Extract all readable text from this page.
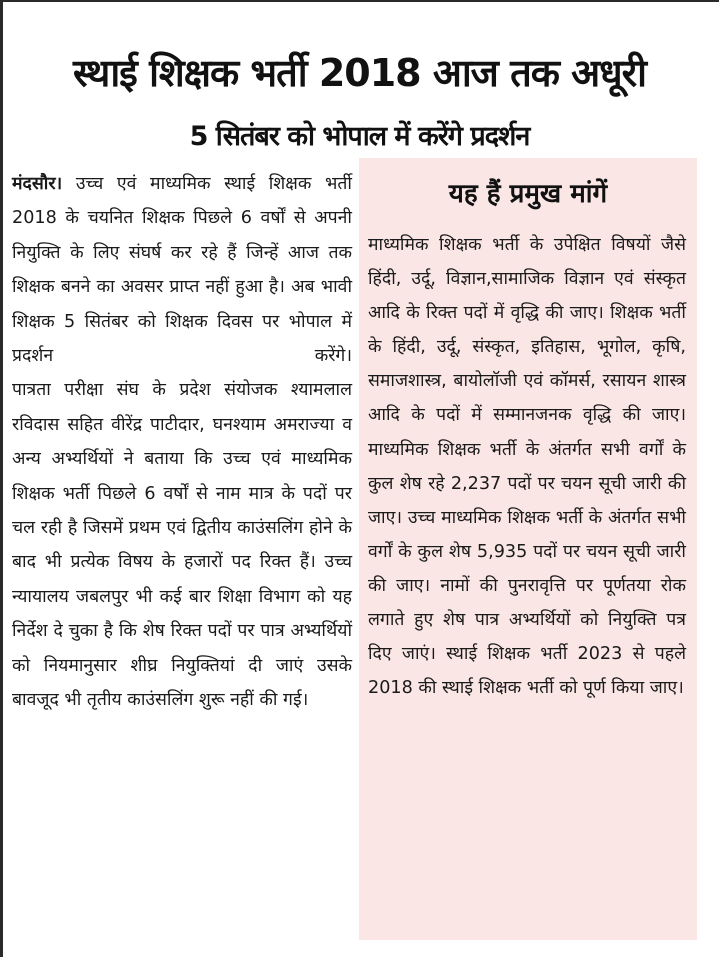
स्थाई शिक्षक भर्ती 2018 आज तक अधूरी
5 सितंबर को भोपाल में करेंगे प्रदर्शन

मंदसौर। उच्च एवं माध्यमिक स्थाई शिक्षक भर्ती 2018 के चयनित शिक्षक पिछले 6 वर्षों से अपनी नियुक्ति के लिए संघर्ष कर रहे हैं जिन्हें आज तक शिक्षक बनने का अवसर प्राप्त नहीं हुआ है। अब भावी शिक्षक 5 सितंबर को शिक्षक दिवस पर भोपाल में प्रदर्शन करेंगे।

पात्रता परीक्षा संघ के प्रदेश संयोजक श्यामलाल रविदास सहित वीरेंद्र पाटीदार, घनश्याम अमराज्या व अन्य अभ्यर्थियों ने बताया कि उच्च एवं माध्यमिक शिक्षक भर्ती पिछले 6 वर्षों से नाम मात्र के पदों पर चल रही है जिसमें प्रथम एवं द्वितीय काउंसलिंग होने के बाद भी प्रत्येक विषय के हजारों पद रिक्त हैं। उच्च न्यायालय जबलपुर भी कई बार शिक्षा विभाग को यह निर्देश दे चुका है कि शेष रिक्त पदों पर पात्र अभ्यर्थियों को नियमानुसार शीघ्र नियुक्तियां दी जाएं उसके बावजूद भी तृतीय काउंसलिंग शुरू नहीं की गई।

यह हैं प्रमुख मांगें

माध्यमिक शिक्षक भर्ती के उपेक्षित विषयों जैसे हिंदी, उर्दू, विज्ञान,सामाजिक विज्ञान एवं संस्कृत आदि के रिक्त पदों में वृद्धि की जाए। शिक्षक भर्ती के हिंदी, उर्दू, संस्कृत, इतिहास, भूगोल, कृषि, समाजशास्त्र, बायोलॉजी एवं कॉमर्स, रसायन शास्त्र आदि के पदों में सम्मानजनक वृद्धि की जाए। माध्यमिक शिक्षक भर्ती के अंतर्गत सभी वर्गों के कुल शेष रहे 2,237 पदों पर चयन सूची जारी की जाए। उच्च माध्यमिक शिक्षक भर्ती के अंतर्गत सभी वर्गों के कुल शेष 5,935 पदों पर चयन सूची जारी की जाए। नामों की पुनरावृत्ति पर पूर्णतया रोक लगाते हुए शेष पात्र अभ्यर्थियों को नियुक्ति पत्र दिए जाएं। स्थाई शिक्षक भर्ती 2023 से पहले 2018 की स्थाई शिक्षक भर्ती को पूर्ण किया जाए।
